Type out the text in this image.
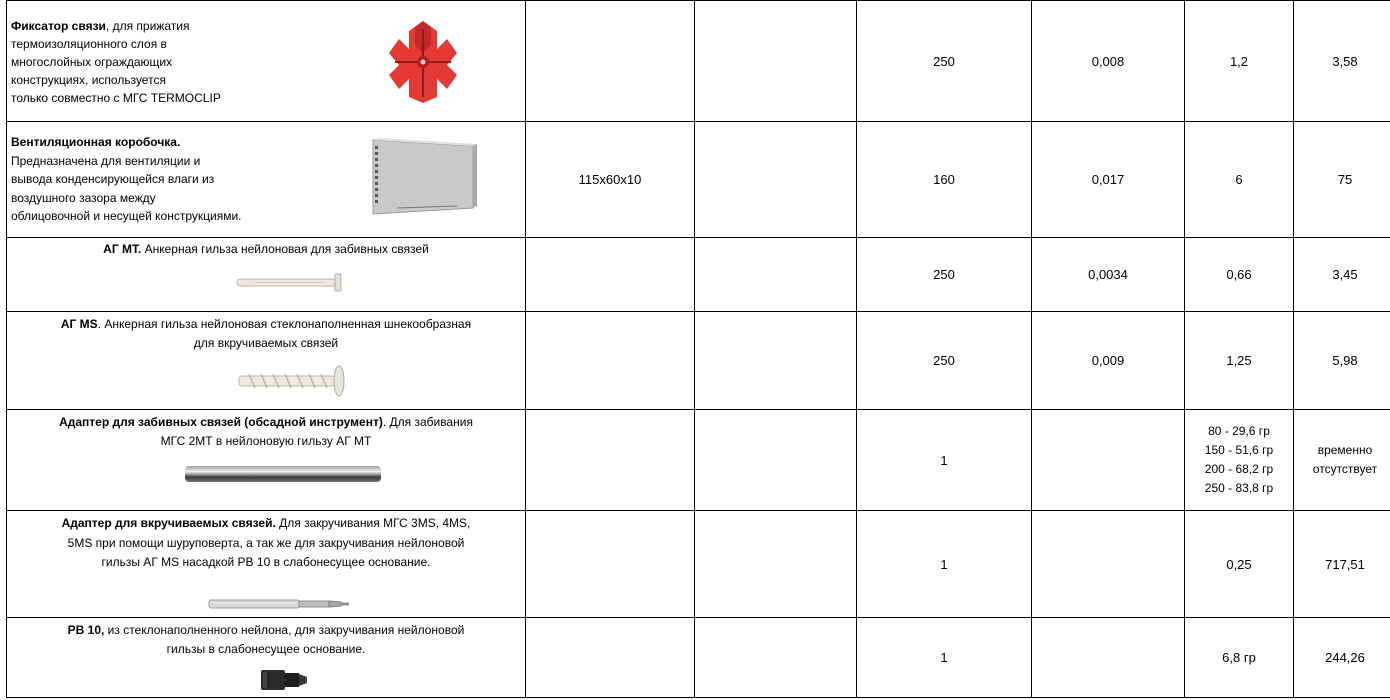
Фиксатор связи, для прижатия
термоизоляционного слоя в
многослойных ограждающих
конструкциях, используется
только совместно с МГС TERMOCLIP			250	0,008	1,2	3,58

Вентиляционная коробочка.
Предназначена для вентиляции и
вывода конденсирующейся влаги из
воздушного зазора между
облицовочной и несущей конструкциями.	115x60x10		160	0,017	6	75

АГ МТ. Анкерная гильза нейлоновая для забивных связей			250	0,0034	0,66	3,45

АГ MS. Анкерная гильза нейлоновая стеклонаполненная шнекообразная
для вкручиваемых связей			250	0,009	1,25	5,98

Адаптер для забивных связей (обсадной инструмент). Для забивания
МГС 2МТ в нейлоновую гильзу АГ МТ			1		80 - 29,6 гр
150 - 51,6 гр
200 - 68,2 гр
250 - 83,8 гр	временно
отсутствует

Адаптер для вкручиваемых связей. Для закручивания МГС 3MS, 4MS,
5MS при помощи шуруповерта, а так же для закручивания нейлоновой
гильзы АГ MS насадкой PB 10 в слабонесущее основание.			1		0,25	717,51

PB 10, из стеклонаполненного нейлона, для закручивания нейлоновой
гильзы в слабонесущее основание.			1		6,8 гр	244,26
